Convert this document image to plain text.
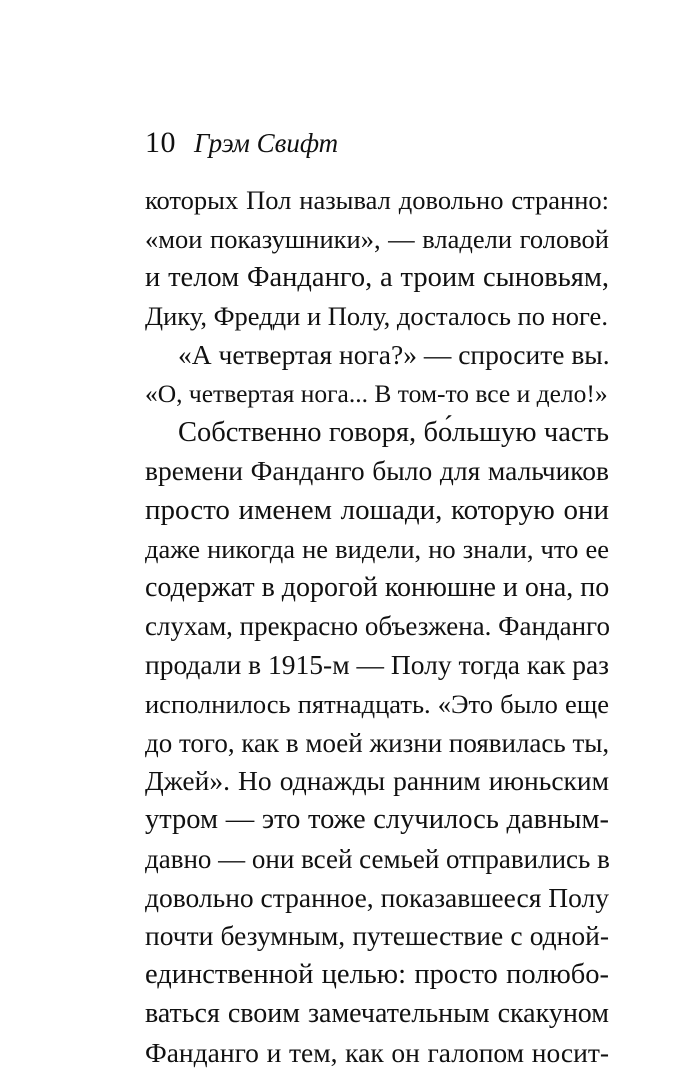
10 Грэм Свифт
которых Пол называл довольно странно:
«мои показушники», — владели головой
и телом Фанданго, а троим сыновьям,
Дику, Фредди и Полу, досталось по ноге.
«А четвертая нога?» — спросите вы.
«О, четвертая нога... В том-то все и дело!»
Собственно говоря, бо́льшую часть
времени Фанданго было для мальчиков
просто именем лошади, которую они
даже никогда не видели, но знали, что ее
содержат в дорогой конюшне и она, по
слухам, прекрасно объезжена. Фанданго
продали в 1915-м — Полу тогда как раз
исполнилось пятнадцать. «Это было еще
до того, как в моей жизни появилась ты,
Джей». Но однажды ранним июньским
утром — это тоже случилось давным-
давно — они всей семьей отправились в
довольно странное, показавшееся Полу
почти безумным, путешествие с одной-
единственной целью: просто полюбо-
ваться своим замечательным скакуном
Фанданго и тем, как он галопом носит-
